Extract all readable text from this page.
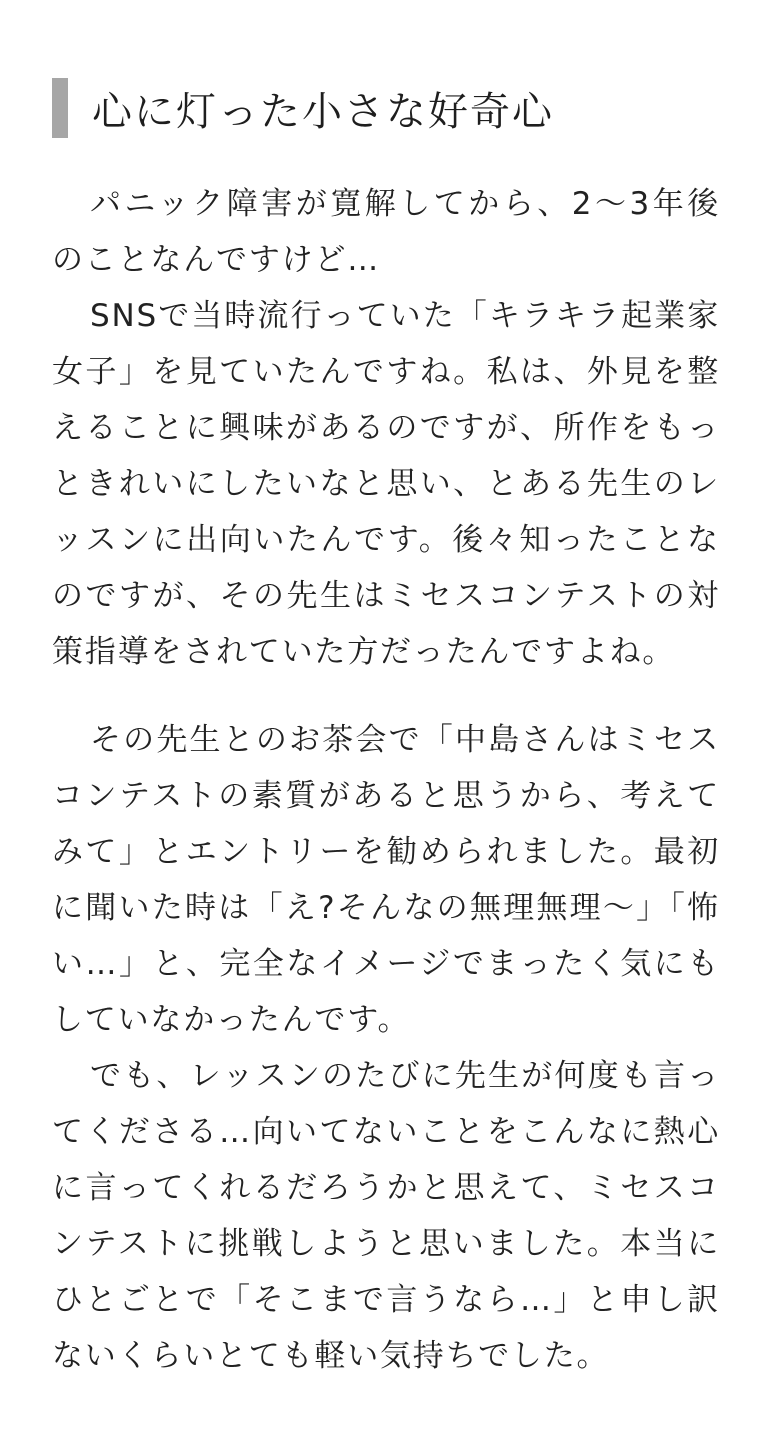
心に灯った小さな好奇心

パニック障害が寛解してから、2〜3年後のことなんですけど…

SNSで当時流行っていた「キラキラ起業家女子」を見ていたんですね。私は、外見を整えることに興味があるのですが、所作をもっときれいにしたいなと思い、とある先生のレッスンに出向いたんです。後々知ったことなのですが、その先生はミセスコンテストの対策指導をされていた方だったんですよね。

その先生とのお茶会で「中島さんはミセスコンテストの素質があると思うから、考えてみて」とエントリーを勧められました。最初に聞いた時は「え?そんなの無理無理〜」「怖い…」と、完全なイメージでまったく気にもしていなかったんです。

でも、レッスンのたびに先生が何度も言ってくださる…向いてないことをこんなに熱心に言ってくれるだろうかと思えて、ミセスコンテストに挑戦しようと思いました。本当にひとごとで「そこまで言うなら…」と申し訳ないくらいとても軽い気持ちでした。
